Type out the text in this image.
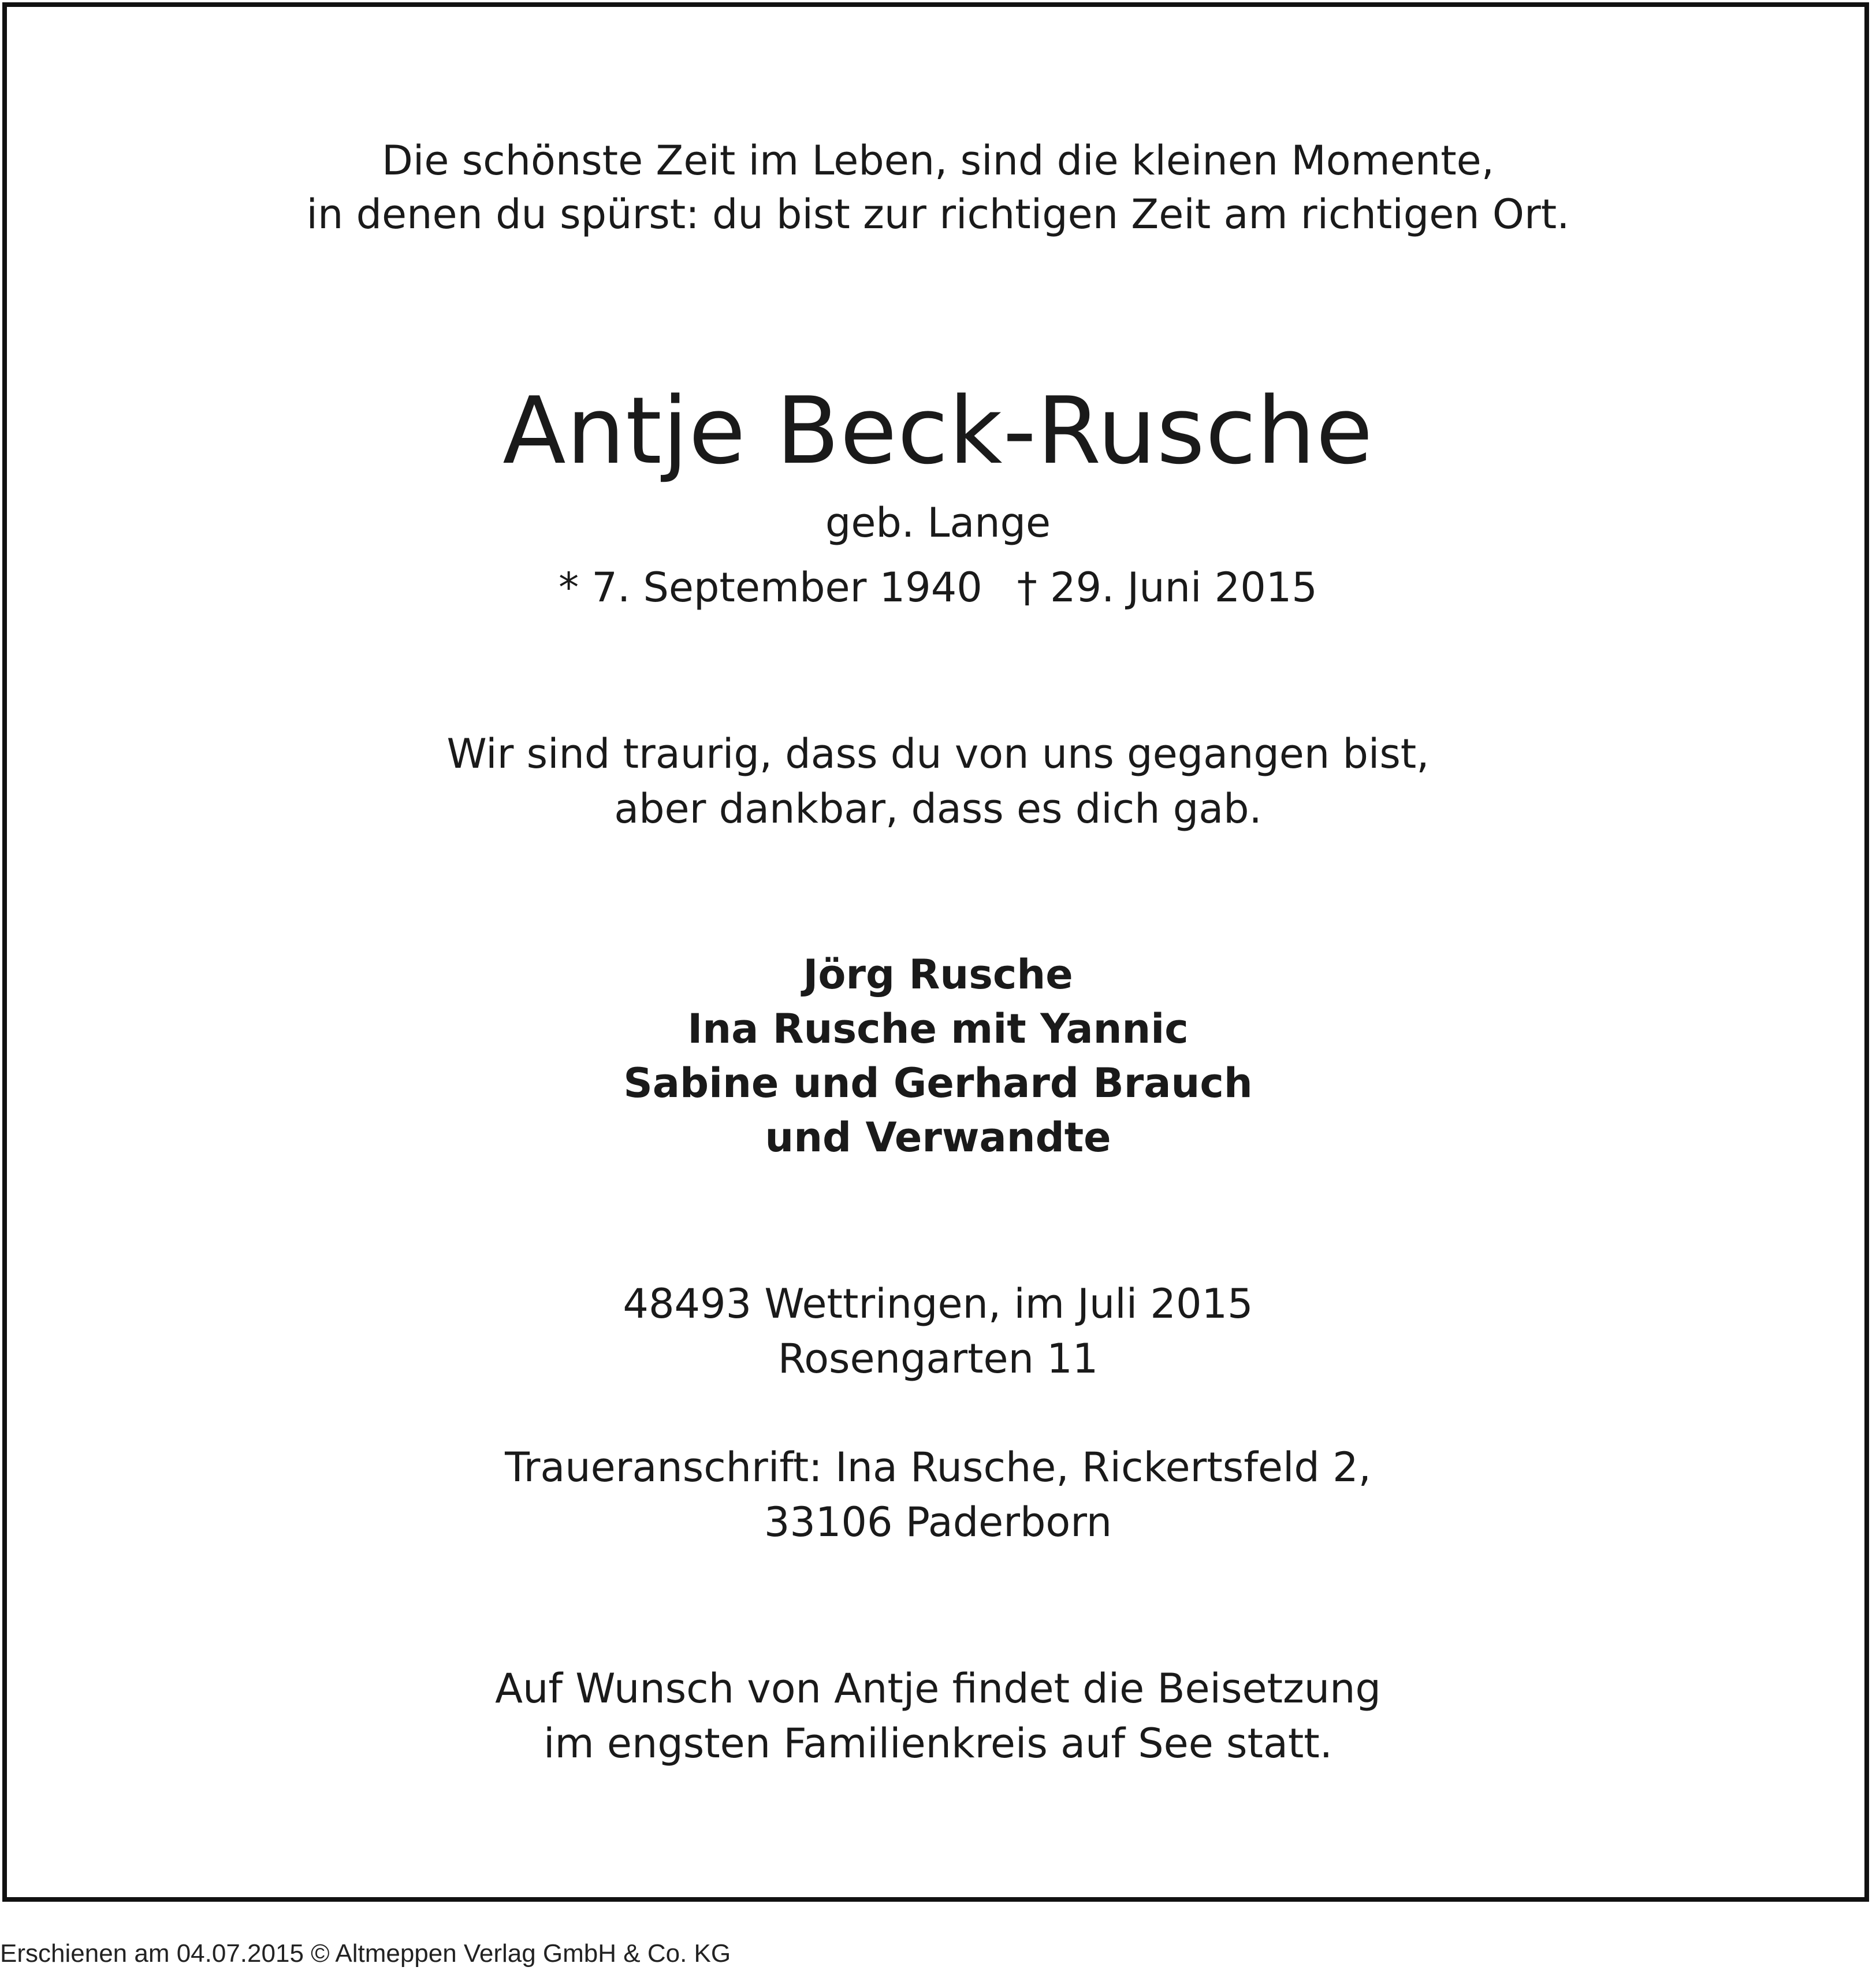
Die schönste Zeit im Leben, sind die kleinen Momente,
in denen du spürst: du bist zur richtigen Zeit am richtigen Ort.
Antje Beck-Rusche
geb. Lange
* 7. September 1940 † 29. Juni 2015
Wir sind traurig, dass du von uns gegangen bist,
aber dankbar, dass es dich gab.
Jörg Rusche
Ina Rusche mit Yannic
Sabine und Gerhard Brauch
und Verwandte
48493 Wettringen, im Juli 2015
Rosengarten 11
Traueranschrift: Ina Rusche, Rickertsfeld 2,
33106 Paderborn
Auf Wunsch von Antje findet die Beisetzung
im engsten Familienkreis auf See statt.
Erschienen am 04.07.2015 © Altmeppen Verlag GmbH & Co. KG
